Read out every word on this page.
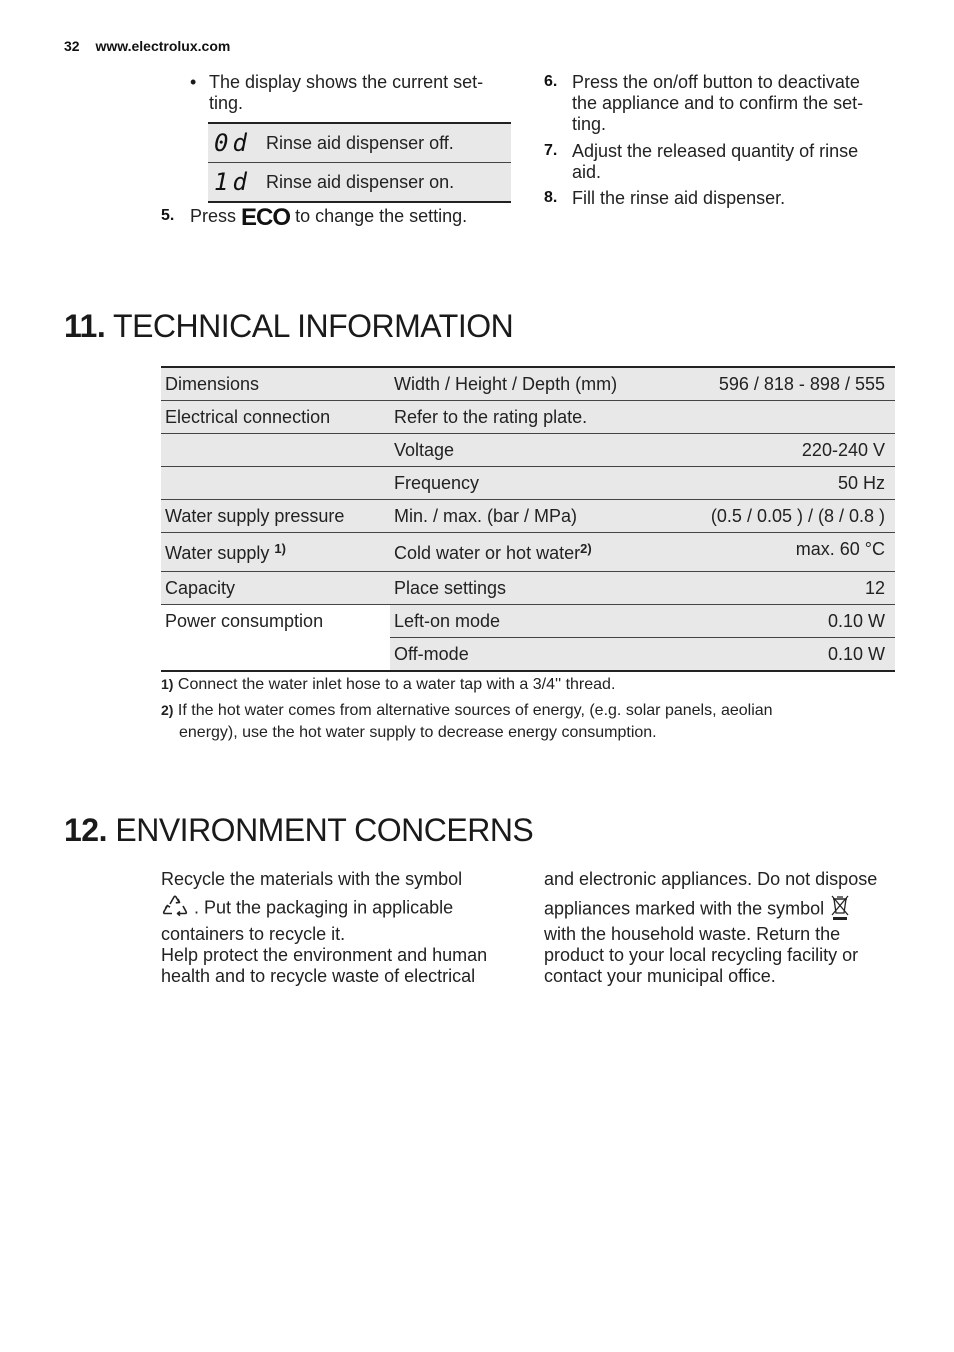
32 www.electrolux.com
• The display shows the current set-
ting.
0d Rinse aid dispenser off.
1d Rinse aid dispenser on.
5. Press ECO to change the setting.
6. Press the on/off button to deactivate
the appliance and to confirm the set-
ting.
7. Adjust the released quantity of rinse
aid.
8. Fill the rinse aid dispenser.
11. TECHNICAL INFORMATION
Dimensions	Width / Height / Depth (mm)	596 / 818 - 898 / 555
Electrical connection	Refer to the rating plate.	
	Voltage	220-240 V
	Frequency	50 Hz
Water supply pressure	Min. / max. (bar / MPa)	(0.5 / 0.05 ) / (8 / 0.8 )
Water supply $^{1)}$	Cold water or hot water$^{2)}$	max. 60 °C
Capacity	Place settings	12
Power consumption	Left-on mode	0.10 W
	Off-mode	0.10 W
1) Connect the water inlet hose to a water tap with a 3/4'' thread.
2) If the hot water comes from alternative sources of energy, (e.g. solar panels, aeolian
energy), use the hot water supply to decrease energy consumption.
12. ENVIRONMENT CONCERNS
Recycle the materials with the symbol
. Put the packaging in applicable
containers to recycle it.
Help protect the environment and human
health and to recycle waste of electrical
and electronic appliances. Do not dispose
appliances marked with the symbol
with the household waste. Return the
product to your local recycling facility or
contact your municipal office.
